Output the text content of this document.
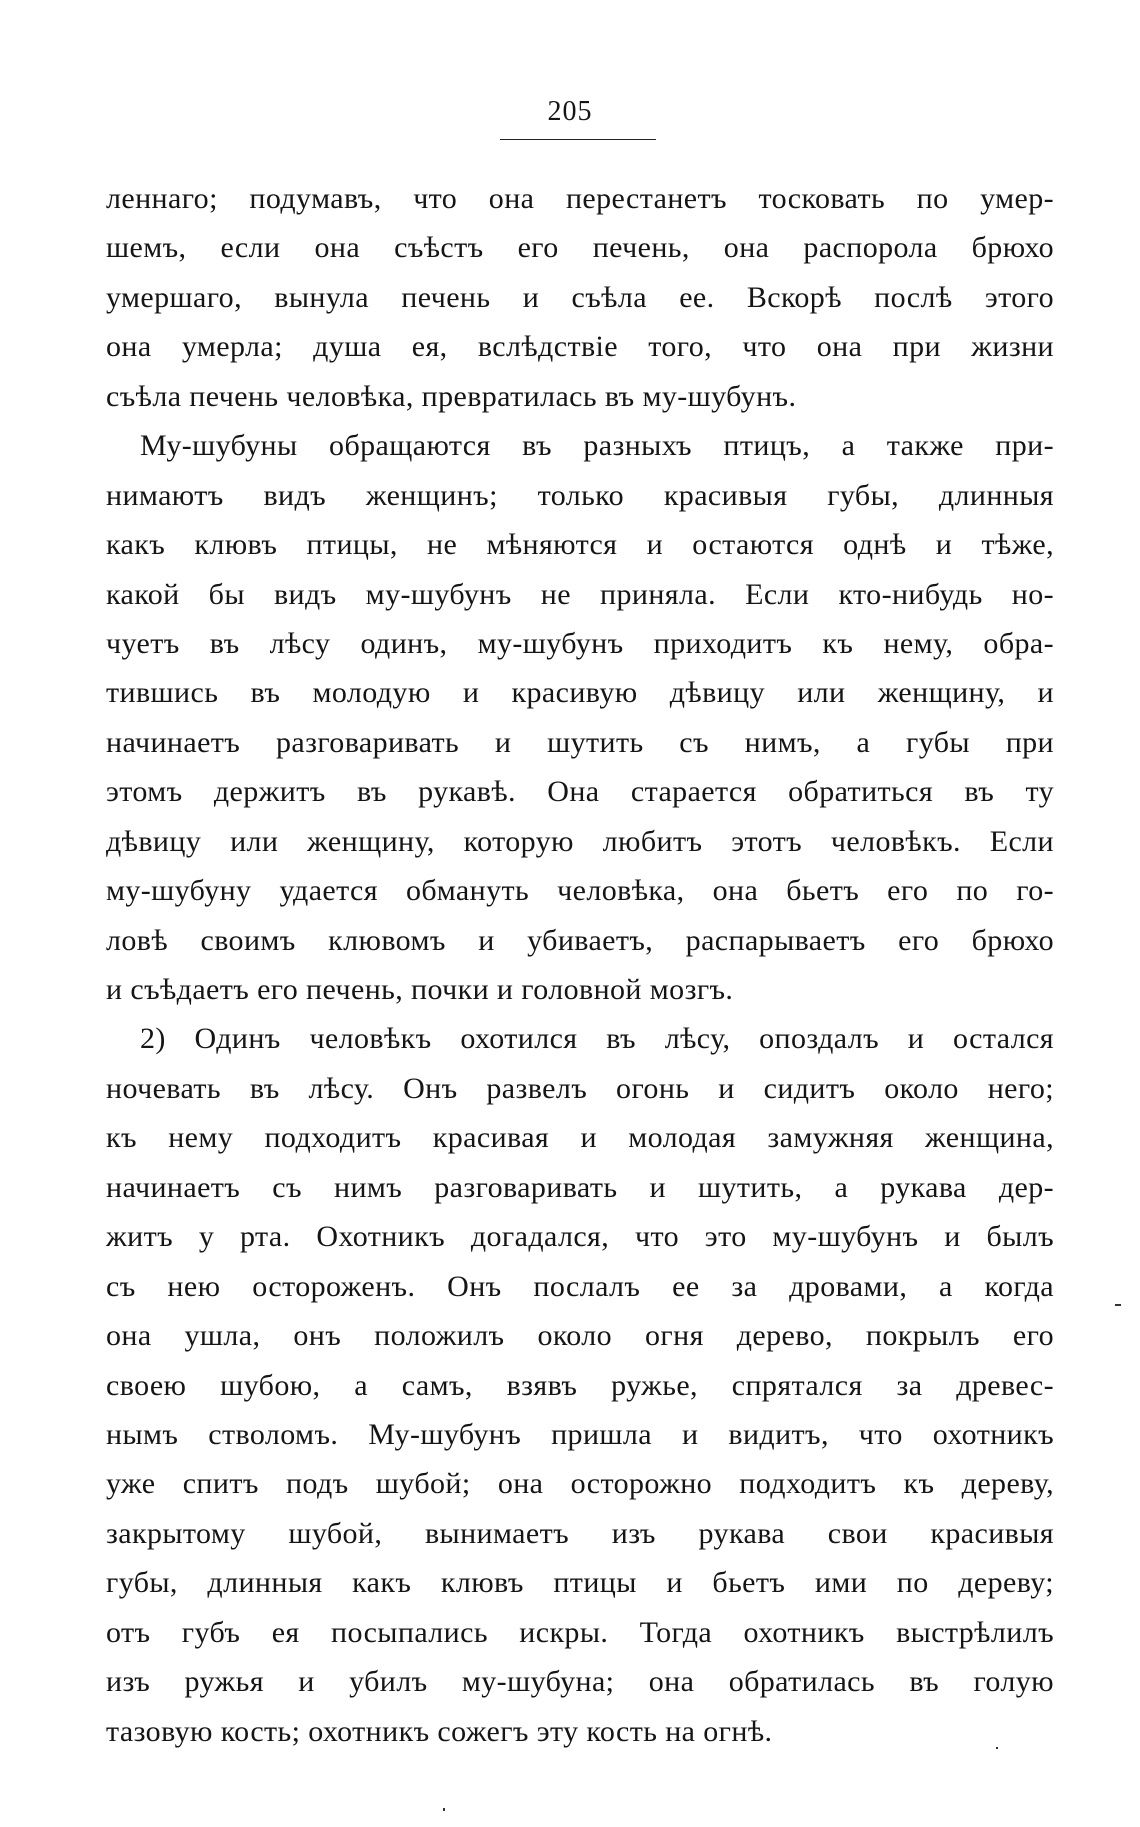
205
леннаго; подумавъ, что она перестанетъ тосковать по умер-
шемъ, если она съѣстъ его печень, она распорола брюхо
умершаго, вынула печень и съѣла ее. Вскорѣ послѣ этого
она умерла; душа ея, вслѣдствіе того, что она при жизни
съѣла печень человѣка, превратилась въ му-шубунъ.
Му-шубуны обращаются въ разныхъ птицъ, а также при-
нимаютъ видъ женщинъ; только красивыя губы, длинныя
какъ клювъ птицы, не мѣняются и остаются однѣ и тѣже,
какой бы видъ му-шубунъ не приняла. Если кто-нибудь но-
чуетъ въ лѣсу одинъ, му-шубунъ приходитъ къ нему, обра-
тившись въ молодую и красивую дѣвицу или женщину, и
начинаетъ разговаривать и шутить съ нимъ, а губы при
этомъ держитъ въ рукавѣ. Она старается обратиться въ ту
дѣвицу или женщину, которую любитъ этотъ человѣкъ. Если
му-шубуну удается обмануть человѣка, она бьетъ его по го-
ловѣ своимъ клювомъ и убиваетъ, распарываетъ его брюхо
и съѣдаетъ его печень, почки и головной мозгъ.
2) Одинъ человѣкъ охотился въ лѣсу, опоздалъ и остался
ночевать въ лѣсу. Онъ развелъ огонь и сидитъ около него;
къ нему подходитъ красивая и молодая замужняя женщина,
начинаетъ съ нимъ разговаривать и шутить, а рукава дер-
житъ у рта. Охотникъ догадался, что это му-шубунъ и былъ
съ нею остороженъ. Онъ послалъ ее за дровами, а когда
она ушла, онъ положилъ около огня дерево, покрылъ его
своею шубою, а самъ, взявъ ружье, спрятался за древес-
нымъ стволомъ. Му-шубунъ пришла и видитъ, что охотникъ
уже спитъ подъ шубой; она осторожно подходитъ къ дереву,
закрытому шубой, вынимаетъ изъ рукава свои красивыя
губы, длинныя какъ клювъ птицы и бьетъ ими по дереву;
отъ губъ ея посыпались искры. Тогда охотникъ выстрѣлилъ
изъ ружья и убилъ му-шубуна; она обратилась въ голую
тазовую кость; охотникъ сожегъ эту кость на огнѣ.
